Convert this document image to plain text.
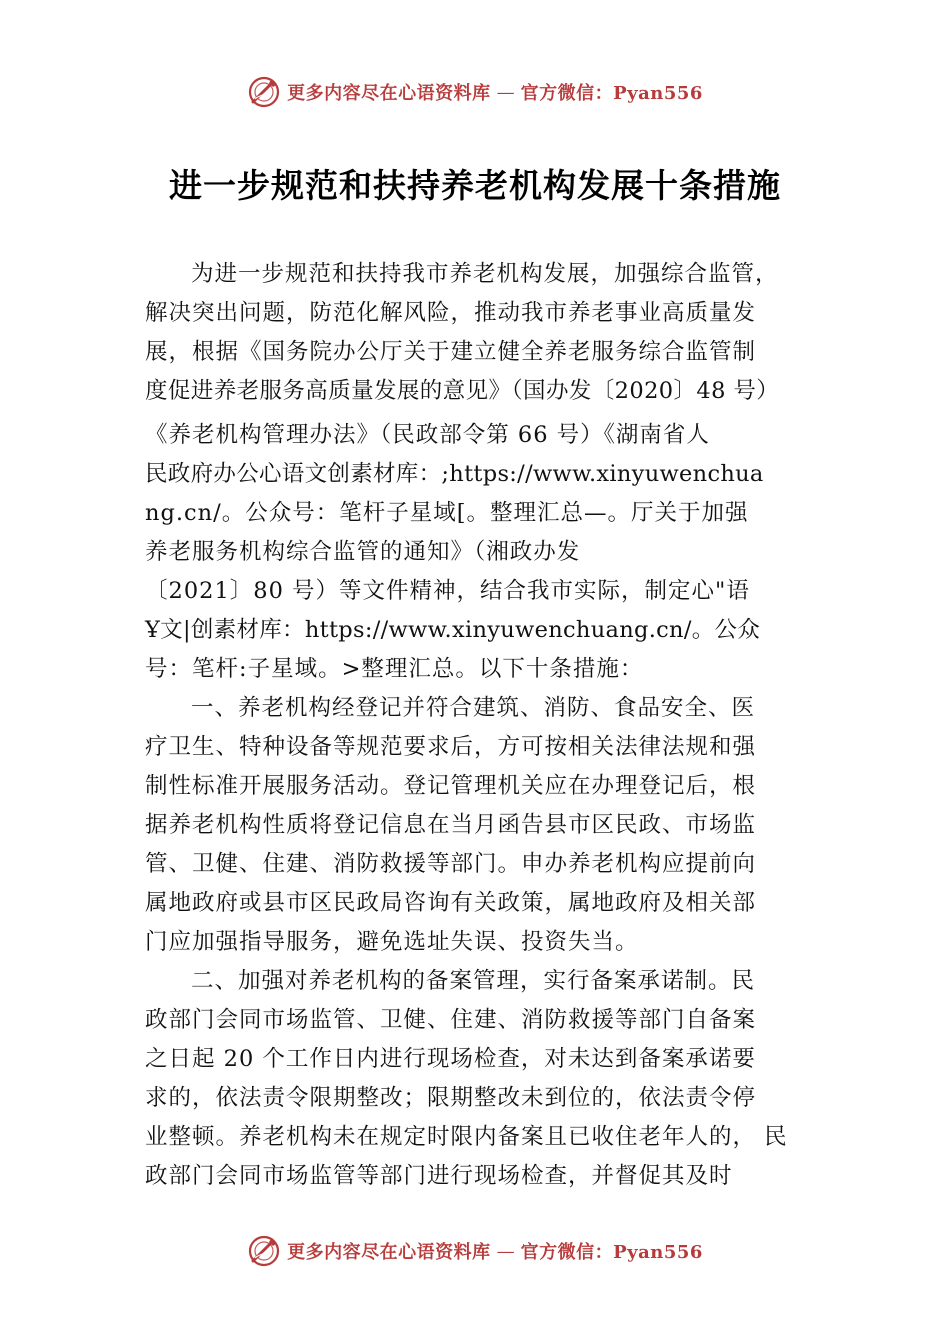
更多内容尽在心语资料库 — 官方微信：Pyan556
进一步规范和扶持养老机构发展十条措施
为进一步规范和扶持我市养老机构发展，加强综合监管，
解决突出问题，防范化解风险，推动我市养老事业高质量发
展，根据《国务院办公厅关于建立健全养老服务综合监管制
度促进养老服务高质量发展的意见》（国办发〔2020〕48 号）
《养老机构管理办法》（民政部令第 66 号）《湖南省人
民政府办公心语文创素材库：;https://www.xinyuwenchua
ng.cn/。公众号：笔杆子星域[。整理汇总—。厅关于加强
养老服务机构综合监管的通知》（湘政办发
〔2021〕80 号）等文件精神，结合我市实际，制定心"语
Ұ文|创素材库：https://www.xinyuwenchuang.cn/。公众
号：笔杆:子星域。>整理汇总。以下十条措施：
一、养老机构经登记并符合建筑、消防、食品安全、医
疗卫生、特种设备等规范要求后，方可按相关法律法规和强
制性标准开展服务活动。登记管理机关应在办理登记后，根
据养老机构性质将登记信息在当月函告县市区民政、市场监
管、卫健、住建、消防救援等部门。申办养老机构应提前向
属地政府或县市区民政局咨询有关政策，属地政府及相关部
门应加强指导服务，避免选址失误、投资失当。
二、加强对养老机构的备案管理，实行备案承诺制。民
政部门会同市场监管、卫健、住建、消防救援等部门自备案
之日起 20 个工作日内进行现场检查，对未达到备案承诺要
求的，依法责令限期整改；限期整改未到位的，依法责令停
业整顿。养老机构未在规定时限内备案且已收住老年人的， 民
政部门会同市场监管等部门进行现场检查，并督促其及时
更多内容尽在心语资料库 — 官方微信：Pyan556
